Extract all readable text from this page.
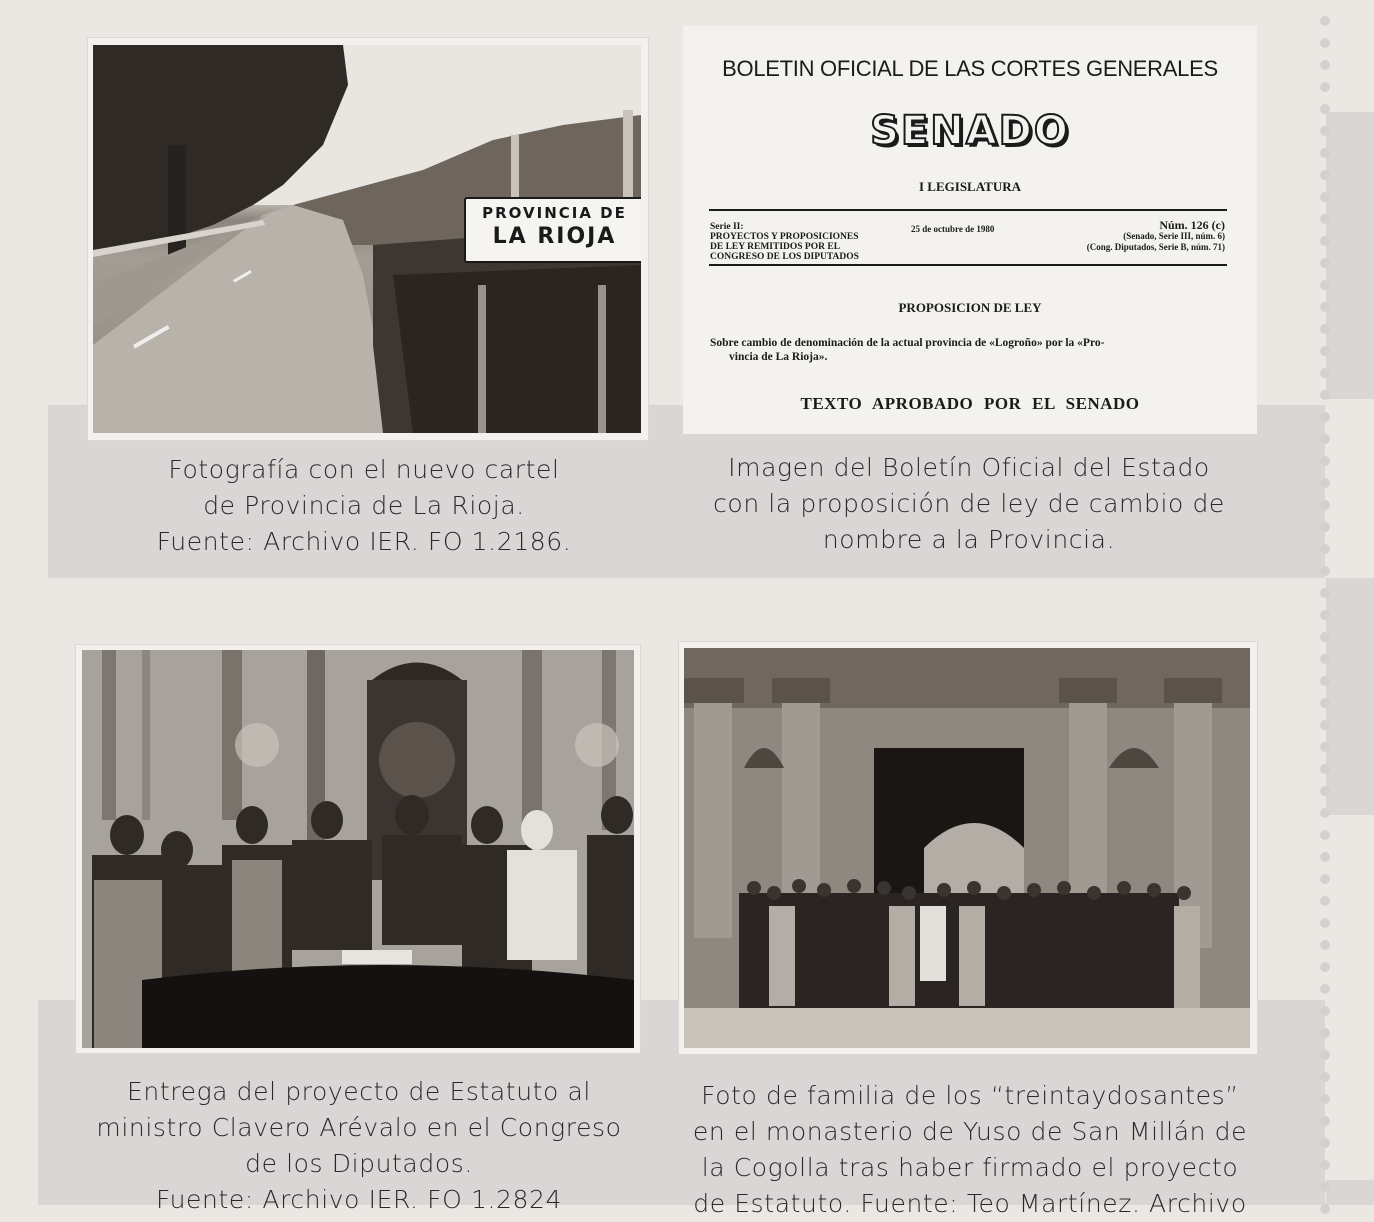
PROVINCIA DE
LA RIOJA
Fotografía con el nuevo cartel
de Provincia de La Rioja.
Fuente: Archivo IER. FO 1.2186.
BOLETIN OFICIAL DE LAS CORTES GENERALES
SENADO
I LEGISLATURA
Serie II:
PROYECTOS Y PROPOSICIONES
DE LEY REMITIDOS POR EL
CONGRESO DE LOS DIPUTADOS
25 de octubre de 1980	Núm. 126 (c)
(Senado, Serie III, núm. 6)
(Cong. Diputados, Serie B, núm. 71)
PROPOSICION DE LEY
Sobre cambio de denominación de la actual provincia de «Logroño» por la «Pro-
vincia de La Rioja».
TEXTO APROBADO POR EL SENADO
Imagen del Boletín Oficial del Estado
con la proposición de ley de cambio de
nombre a la Provincia.
Entrega del proyecto de Estatuto al
ministro Clavero Arévalo en el Congreso
de los Diputados.
Fuente: Archivo IER. FO 1.2824
Foto de familia de los “treintaydosantes”
en el monasterio de Yuso de San Millán de
la Cogolla tras haber firmado el proyecto
de Estatuto. Fuente: Teo Martínez. Archivo
